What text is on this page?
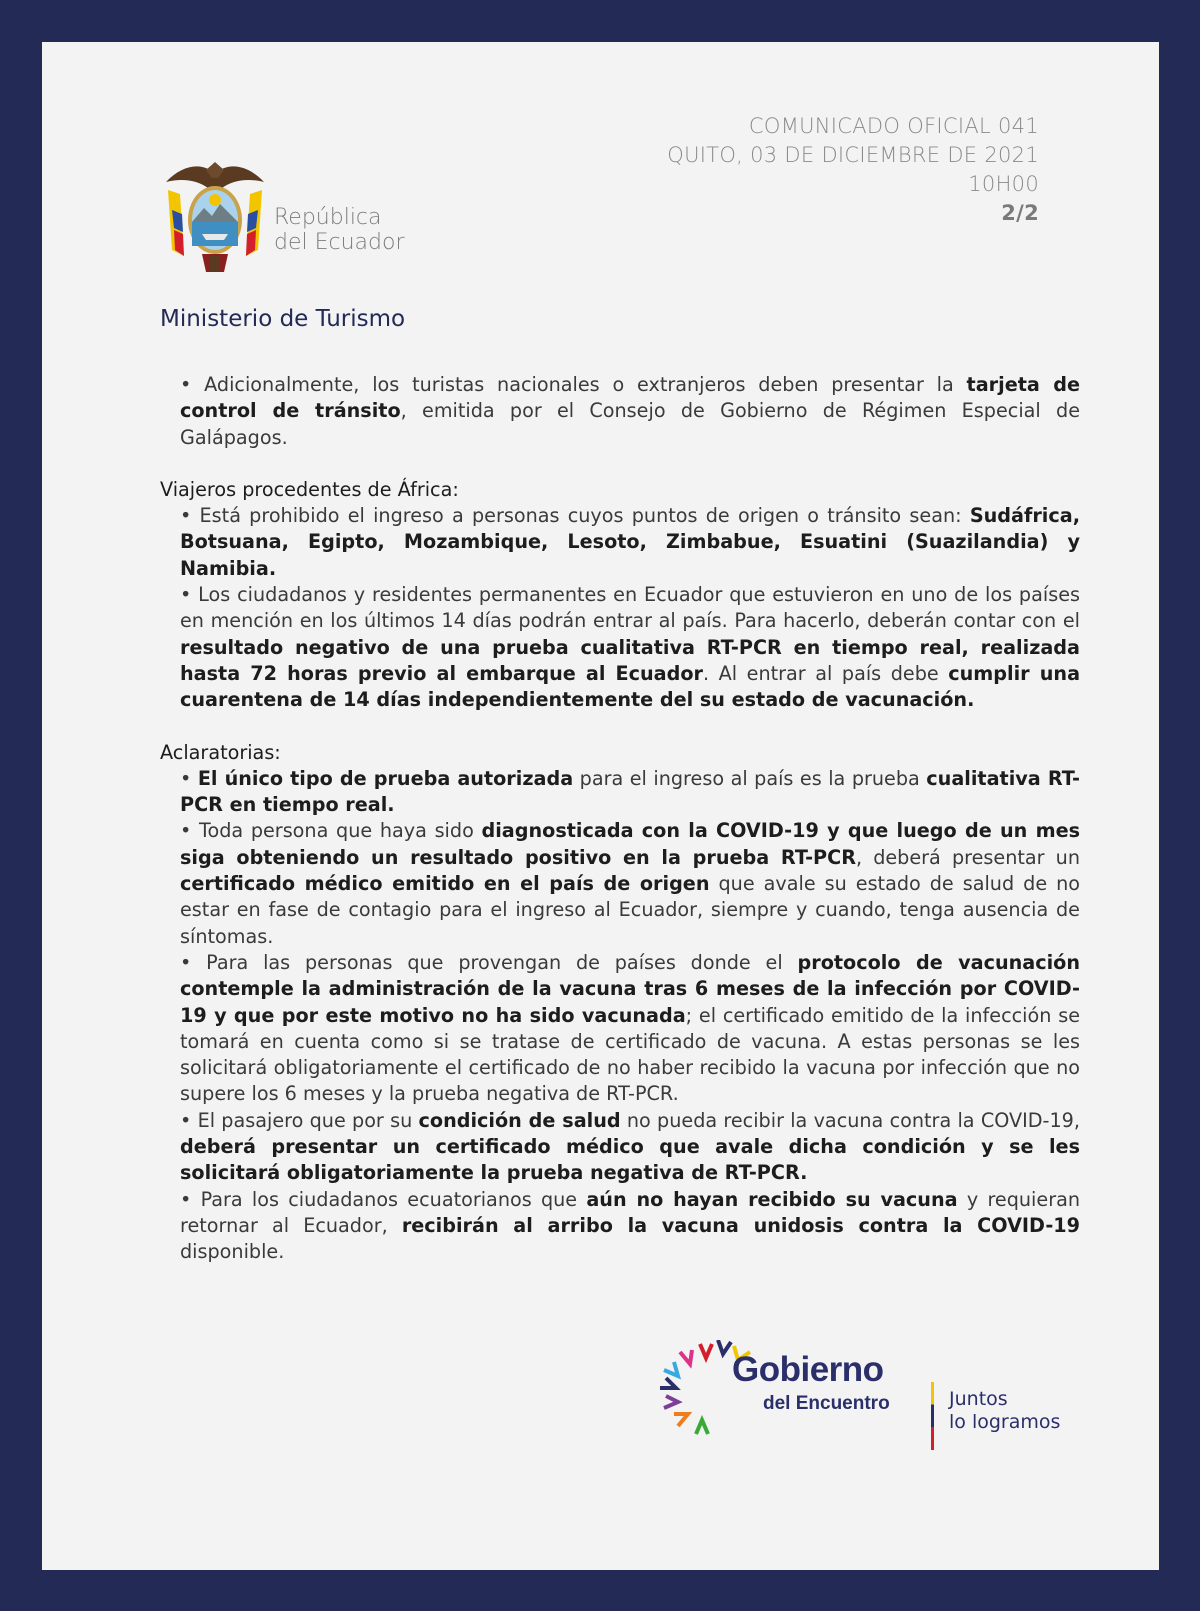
COMUNICADO OFICIAL 041
QUITO, 03 DE DICIEMBRE DE 2021
10H00
2/2
República
del Ecuador
Ministerio de Turismo

• Adicionalmente, los turistas nacionales o extranjeros deben presentar la tarjeta de control de tránsito, emitida por el Consejo de Gobierno de Régimen Especial de Galápagos.

Viajeros procedentes de África:

• Está prohibido el ingreso a personas cuyos puntos de origen o tránsito sean: Sudáfrica, Botsuana, Egipto, Mozambique, Lesoto, Zimbabue, Esuatini (Suazilandia) y Namibia.

• Los ciudadanos y residentes permanentes en Ecuador que estuvieron en uno de los países en mención en los últimos 14 días podrán entrar al país. Para hacerlo, deberán contar con el resultado negativo de una prueba cualitativa RT-PCR en tiempo real, realizada hasta 72 horas previo al embarque al Ecuador. Al entrar al país debe cumplir una cuarentena de 14 días independientemente del su estado de vacunación.

Aclaratorias:

• El único tipo de prueba autorizada para el ingreso al país es la prueba cualitativa RT-PCR en tiempo real.

• Toda persona que haya sido diagnosticada con la COVID-19 y que luego de un mes siga obteniendo un resultado positivo en la prueba RT-PCR, deberá presentar un certificado médico emitido en el país de origen que avale su estado de salud de no estar en fase de contagio para el ingreso al Ecuador, siempre y cuando, tenga ausencia de síntomas.

• Para las personas que provengan de países donde el protocolo de vacunación contemple la administración de la vacuna tras 6 meses de la infección por COVID-19 y que por este motivo no ha sido vacunada; el certificado emitido de la infección se tomará en cuenta como si se tratase de certificado de vacuna. A estas personas se les solicitará obligatoriamente el certificado de no haber recibido la vacuna por infección que no supere los 6 meses y la prueba negativa de RT-PCR.

• El pasajero que por su condición de salud no pueda recibir la vacuna contra la COVID-19, deberá presentar un certificado médico que avale dicha condición y se les solicitará obligatoriamente la prueba negativa de RT-PCR.

• Para los ciudadanos ecuatorianos que aún no hayan recibido su vacuna y requieran retornar al Ecuador, recibirán al arribo la vacuna unidosis contra la COVID-19 disponible.

Gobierno
del Encuentro	Juntos
lo logramos
